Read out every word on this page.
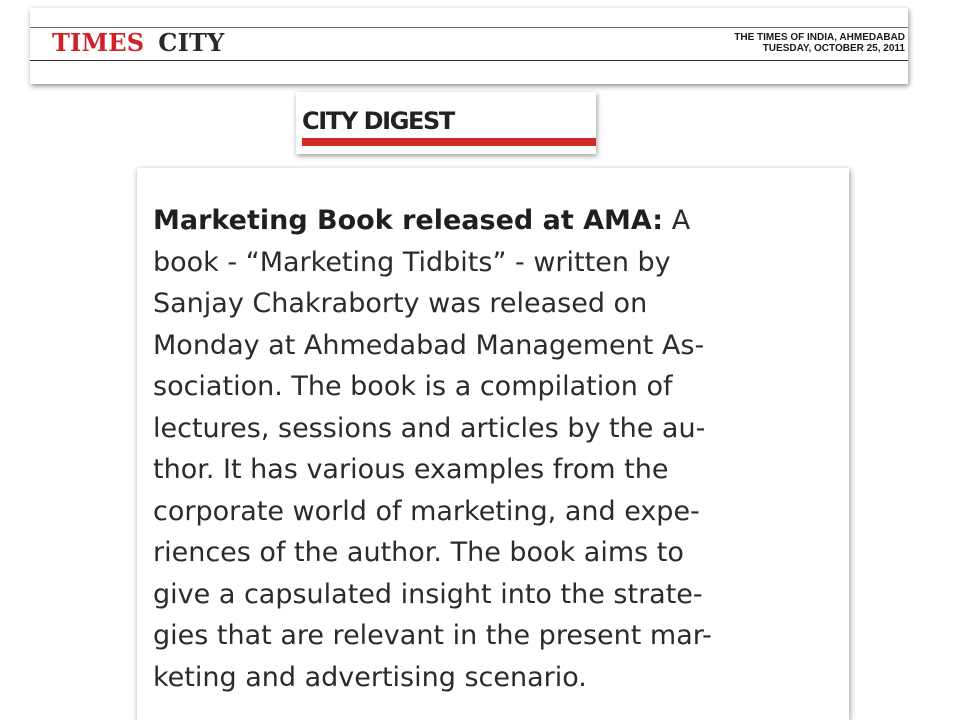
TIMES CITY	THE TIMES OF INDIA, AHMEDABAD
TUESDAY, OCTOBER 25, 2011
CITY DIGEST
Marketing Book released at AMA: A
book - “Marketing Tidbits” - written by
Sanjay Chakraborty was released on
Monday at Ahmedabad Management As-
sociation. The book is a compilation of
lectures, sessions and articles by the au-
thor. It has various examples from the
corporate world of marketing, and expe-
riences of the author. The book aims to
give a capsulated insight into the strate-
gies that are relevant in the present mar-
keting and advertising scenario.
